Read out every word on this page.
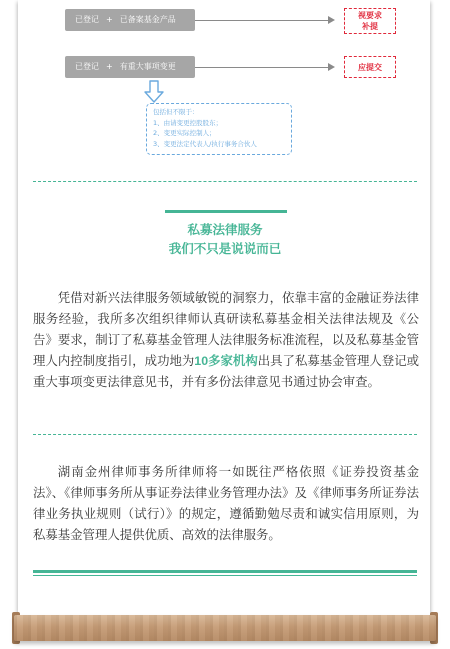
已登记 + 已备案基金产品	视要求
补提
已登记 + 有重大事项变更	应提交
包括但不限于：
1、由请变更控股股东；
2、变更实际控制人；
3、变更法定代表人/执行事务合伙人
私募法律服务
我们不只是说说而已
凭借对新兴法律服务领域敏锐的洞察力，依靠丰富的金融证券法律服务经验，我所多次组织律师认真研读私募基金相关法律法规及《公告》要求，制订了私募基金管理人法律服务标准流程，以及私募基金管理人内控制度指引，成功地为10多家机构出具了私募基金管理人登记或重大事项变更法律意见书，并有多份法律意见书通过协会审查。
湖南金州律师事务所律师将一如既往严格依照《证券投资基金法》、《律师事务所从事证券法律业务管理办法》及《律师事务所证券法律业务执业规则（试行）》的规定，遵循勤勉尽责和诚实信用原则，为私募基金管理人提供优质、高效的法律服务。
